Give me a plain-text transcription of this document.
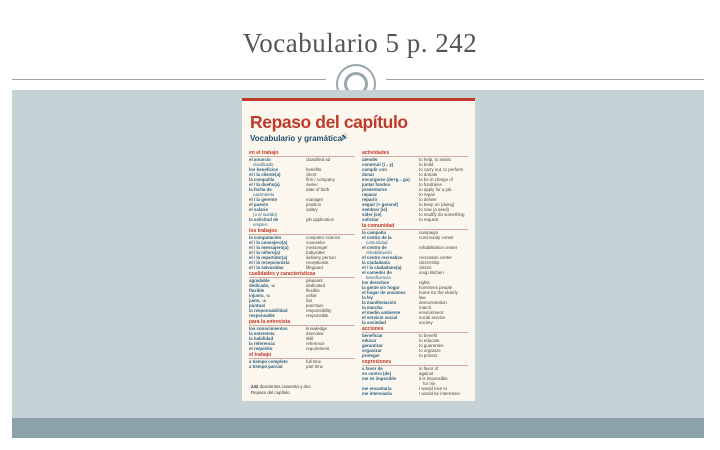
Vocabulario 5 p. 242
Repaso del capítulo
Vocabulario y gramática
🔊
en el trabajo
el anuncio	classified ad
clasificado
los beneficios	benefits
el / la cliente(a)	client
la compañía	firm / company
el / la dueño(a)	owner
la fecha de	date of birth
nacimiento
el / la gerente	manager
el puesto	position
el salario	salary
(o el sueldo)
la solicitud de	job application
empleo
los trabajos
la computación	computer science
el / la consejero(a)	counselor
el / la mensajero(a)	messenger
el / la niñero(a)	babysitter
el / la repartidor(a)	delivery person
el / la recepcionista	receptionist
el / la salvavidas	lifeguard
cualidades y características
agradable	pleasant
dedicado, -a	dedicated
flexible	flexible
injusto, -a	unfair
justo, -a	fair
puntual	punctual
la responsabilidad	responsibility
responsable	responsible
para la entrevista
los conocimientos	knowledge
la entrevista	interview
la habilidad	skill
la referencia	reference
el requisito	requirement
el trabajo
a tiempo completo	full time
a tiempo parcial	part time
actividades
atender	to help, to assist
construir (i→y)	to build
cumplir con	to carry out, to perform
donar	to donate
encargarse (de+g→gu)	to be in charge of
juntar fondos	to fundraise
presentarse	to apply for a job
reparar	to repair
repartir	to deliver
seguir (+ gerund)	to keep on (doing)
sembrar (ie)	to sow (a seed)
sider (se)	to modify do something
solicitar	to request
la comunidad
la campaña	campaign
el centro de la	community center
comunidad
el centro de	rehabilitation center
rehabilitación
el centro recreativo	recreation center
la ciudadanía	citizenship
el / la ciudadano(a)	citizen
el comedor de	soup kitchen
beneficencia
los derechos	rights
la gente sin hogar	homeless people
el hogar de ancianos	home for the elderly
la ley	law
la manifestación	demonstration
la marcha	march
el medio ambiente	environment
el servicio social	social service
la sociedad	society
acciones
beneficiar	to benefit
educar	to educate
garantizar	to guarantee
organizar	to organize
proteger	to protect
expresiones
a favor de	in favor of
en contra (de)	against
me es imposible	it is impossible
for me
me encantaría	I would love to
me interesaría	I would be interested
242 doscientos cuarenta y dos
Repaso del capítulo
